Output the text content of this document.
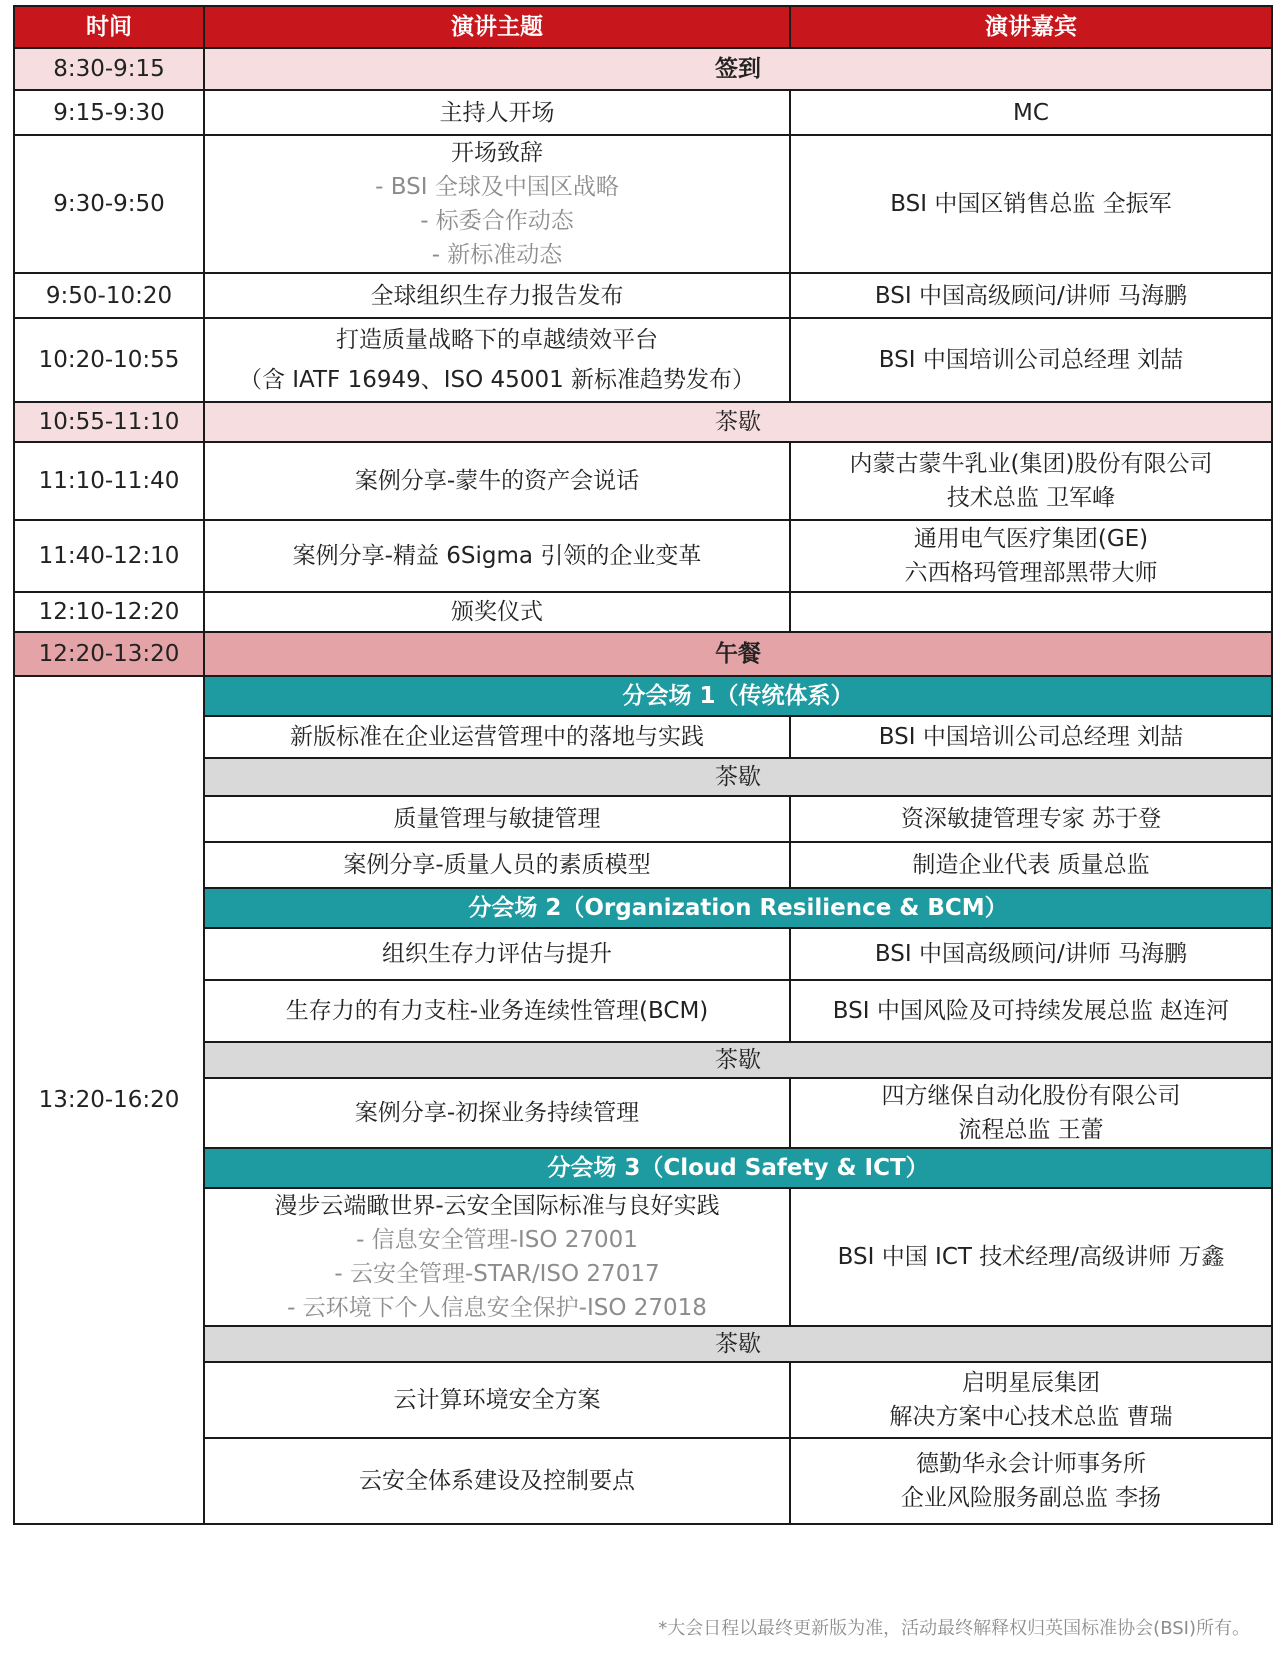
时间	演讲主题	演讲嘉宾
8:30-9:15	签到	
9:15-9:30	主持人开场	MC
9:30-9:50	开场致辞
- BSI 全球及中国区战略
- 标委合作动态
- 新标准动态	BSI 中国区销售总监 全振军
9:50-10:20	全球组织生存力报告发布	BSI 中国高级顾问/讲师 马海鹏
10:20-10:55	打造质量战略下的卓越绩效平台
（含 IATF 16949、ISO 45001 新标准趋势发布）	BSI 中国培训公司总经理 刘喆
10:55-11:10	茶歇	
11:10-11:40	案例分享-蒙牛的资产会说话	内蒙古蒙牛乳业(集团)股份有限公司
技术总监 卫军峰

11:40-12:10	案例分享-精益 6Sigma 引领的企业变革	通用电气医疗集团(GE)
六西格玛管理部黑带大师

12:10-12:20	颁奖仪式	
12:20-13:20	午餐	
13:20-16:20	分会场 1（传统体系）	
	新版标准在企业运营管理中的落地与实践	BSI 中国培训公司总经理 刘喆
	茶歇	
	质量管理与敏捷管理	资深敏捷管理专家 苏于登
	案例分享-质量人员的素质模型	制造企业代表 质量总监
	分会场 2（Organization Resilience & BCM）	
	组织生存力评估与提升	BSI 中国高级顾问/讲师 马海鹏
	生存力的有力支柱-业务连续性管理(BCM)	BSI 中国风险及可持续发展总监 赵连河
	茶歇	
	案例分享-初探业务持续管理	四方继保自动化股份有限公司
流程总监 王蕾

	分会场 3（Cloud Safety & ICT）	

	漫步云端瞰世界-云安全国际标准与良好实践
- 信息安全管理-ISO 27001
- 云安全管理-STAR/ISO 27017
- 云环境下个人信息安全保护-ISO 27018	BSI 中国 ICT 技术经理/高级讲师 万鑫
	茶歇	
	云计算环境安全方案	启明星辰集团
解决方案中心技术总监 曹瑞

	云安全体系建设及控制要点	德勤华永会计师事务所
企业风险服务副总监 李扬
*大会日程以最终更新版为准，活动最终解释权归英国标准协会(BSI)所有。
